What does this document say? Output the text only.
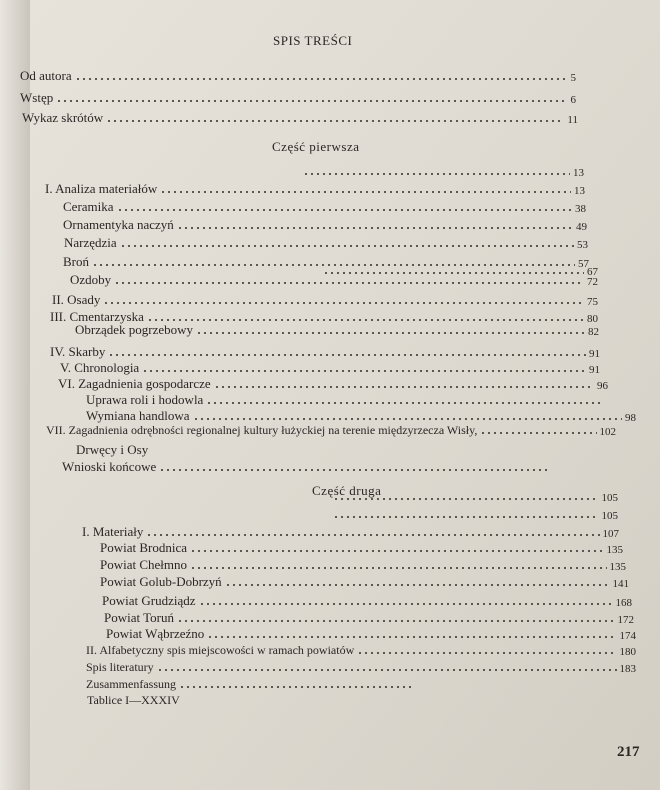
SPIS TREŚCI
Od autora	5
Wstęp	6
Wykaz skrótów	11
Część pierwsza
13
I. Analiza materiałów	13
Ceramika	38
Ornamentyka naczyń	49
Narzędzia	53
Broń	57
67
Ozdoby	72
II. Osady	75
III. Cmentarzyska	80
Obrządek pogrzebowy	82
IV. Skarby	91
V. Chronologia	91
VI. Zagadnienia gospodarcze	96
Uprawa roli i hodowla
Wymiana handlowa	98
VII. Zagadnienia odrębności regionalnej kultury łużyckiej na terenie międzyrzecza Wisły,	102
Drwęcy i Osy
Wnioski końcowe
Część druga	105
105
I. Materiały	107
Powiat Brodnica	135
Powiat Chełmno	135
Powiat Golub-Dobrzyń	141
Powiat Grudziądz	168
Powiat Toruń	172
Powiat Wąbrzeźno	174
II. Alfabetyczny spis miejscowości w ramach powiatów	180
Spis literatury	183
Zusammenfassung
Tablice I—XXXIV
217
